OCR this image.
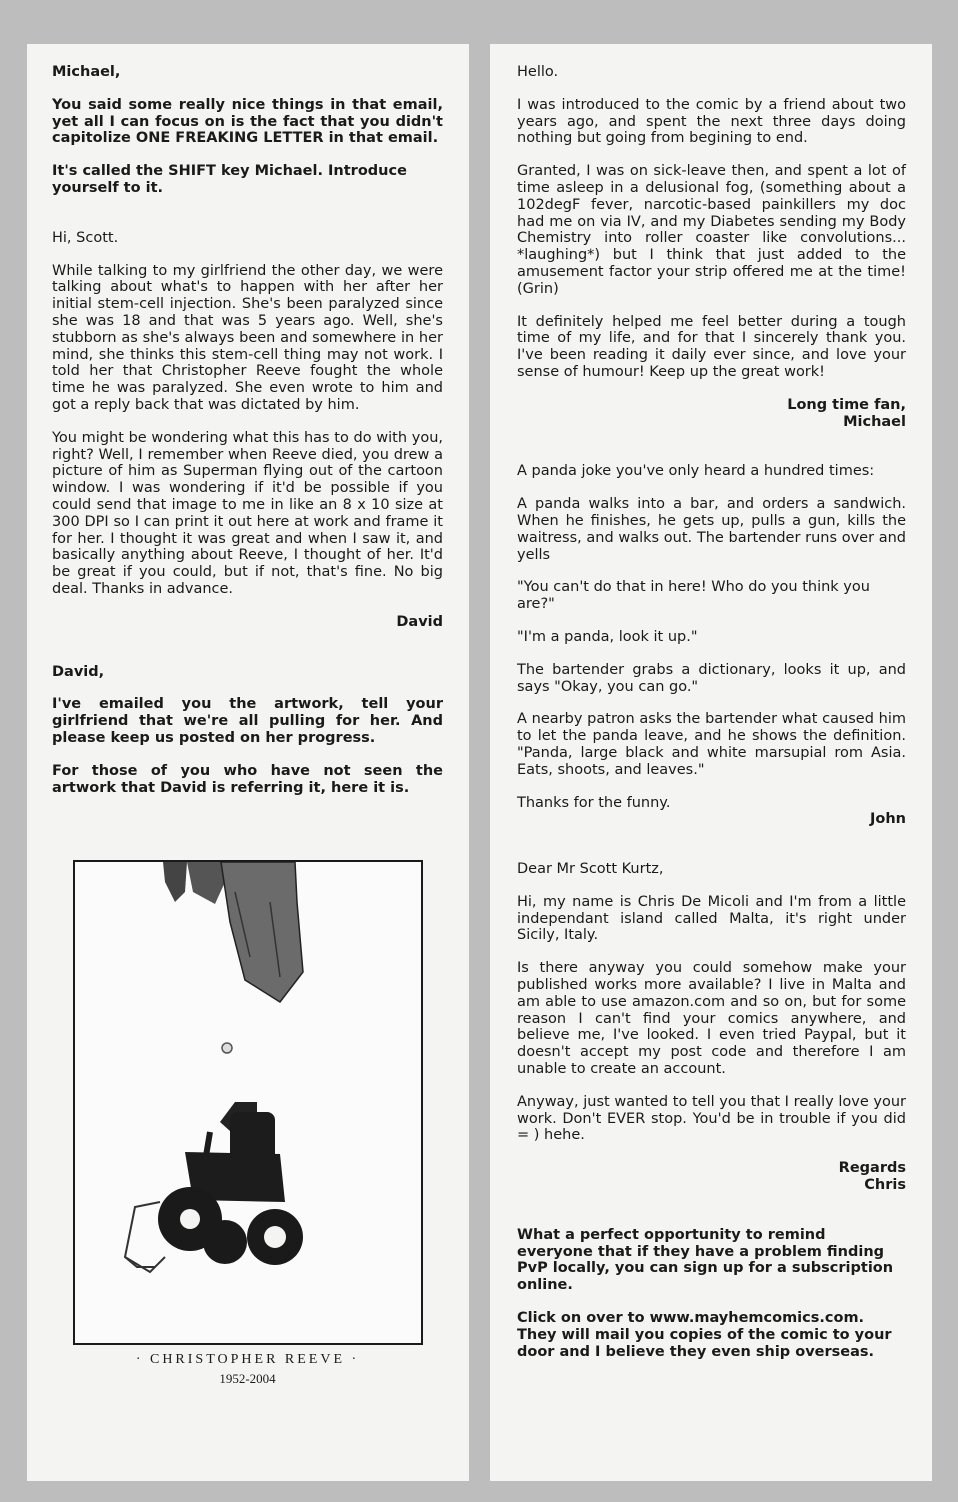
Michael,

You said some really nice things in that email, yet all I can focus on is the fact that you didn't capitolize ONE FREAKING LETTER in that email.

It's called the SHIFT key Michael. Introduce yourself to it.

Hi, Scott.

While talking to my girlfriend the other day, we were talking about what's to happen with her after her initial stem-cell injection. She's been paralyzed since she was 18 and that was 5 years ago. Well, she's stubborn as she's always been and somewhere in her mind, she thinks this stem-cell thing may not work. I told her that Christopher Reeve fought the whole time he was paralyzed. She even wrote to him and got a reply back that was dictated by him.

You might be wondering what this has to do with you, right? Well, I remember when Reeve died, you drew a picture of him as Superman flying out of the cartoon window. I was wondering if it'd be possible if you could send that image to me in like an 8 x 10 size at 300 DPI so I can print it out here at work and frame it for her. I thought it was great and when I saw it, and basically anything about Reeve, I thought of her. It'd be great if you could, but if not, that's fine. No big deal. Thanks in advance.

David

David,

I've emailed you the artwork, tell your girlfriend that we're all pulling for her. And please keep us posted on her progress.

For those of you who have not seen the artwork that David is referring it, here it is.

· CHRISTOPHER REEVE ·

1952-2004

Hello.

I was introduced to the comic by a friend about two years ago, and spent the next three days doing nothing but going from begining to end.

Granted, I was on sick-leave then, and spent a lot of time asleep in a delusional fog, (something about a 102degF fever, narcotic-based painkillers my doc had me on via IV, and my Diabetes sending my Body Chemistry into roller coaster like convolutions... *laughing*) but I think that just added to the amusement factor your strip offered me at the time! (Grin)

It definitely helped me feel better during a tough time of my life, and for that I sincerely thank you. I've been reading it daily ever since, and love your sense of humour! Keep up the great work!

Long time fan,

Michael

A panda joke you've only heard a hundred times:

A panda walks into a bar, and orders a sandwich. When he finishes, he gets up, pulls a gun, kills the waitress, and walks out. The bartender runs over and yells

"You can't do that in here! Who do you think you are?"

"I'm a panda, look it up."

The bartender grabs a dictionary, looks it up, and says "Okay, you can go."

A nearby patron asks the bartender what caused him to let the panda leave, and he shows the definition. "Panda, large black and white marsupial rom Asia. Eats, shoots, and leaves."

Thanks for the funny.

John

Dear Mr Scott Kurtz,

Hi, my name is Chris De Micoli and I'm from a little independant island called Malta, it's right under Sicily, Italy.

Is there anyway you could somehow make your published works more available? I live in Malta and am able to use amazon.com and so on, but for some reason I can't find your comics anywhere, and believe me, I've looked. I even tried Paypal, but it doesn't accept my post code and therefore I am unable to create an account.

Anyway, just wanted to tell you that I really love your work. Don't EVER stop. You'd be in trouble if you did = ) hehe.

Regards

Chris

What a perfect opportunity to remind everyone that if they have a problem finding PvP locally, you can sign up for a subscription online.

Click on over to www.mayhemcomics.com. They will mail you copies of the comic to your door and I believe they even ship overseas.
